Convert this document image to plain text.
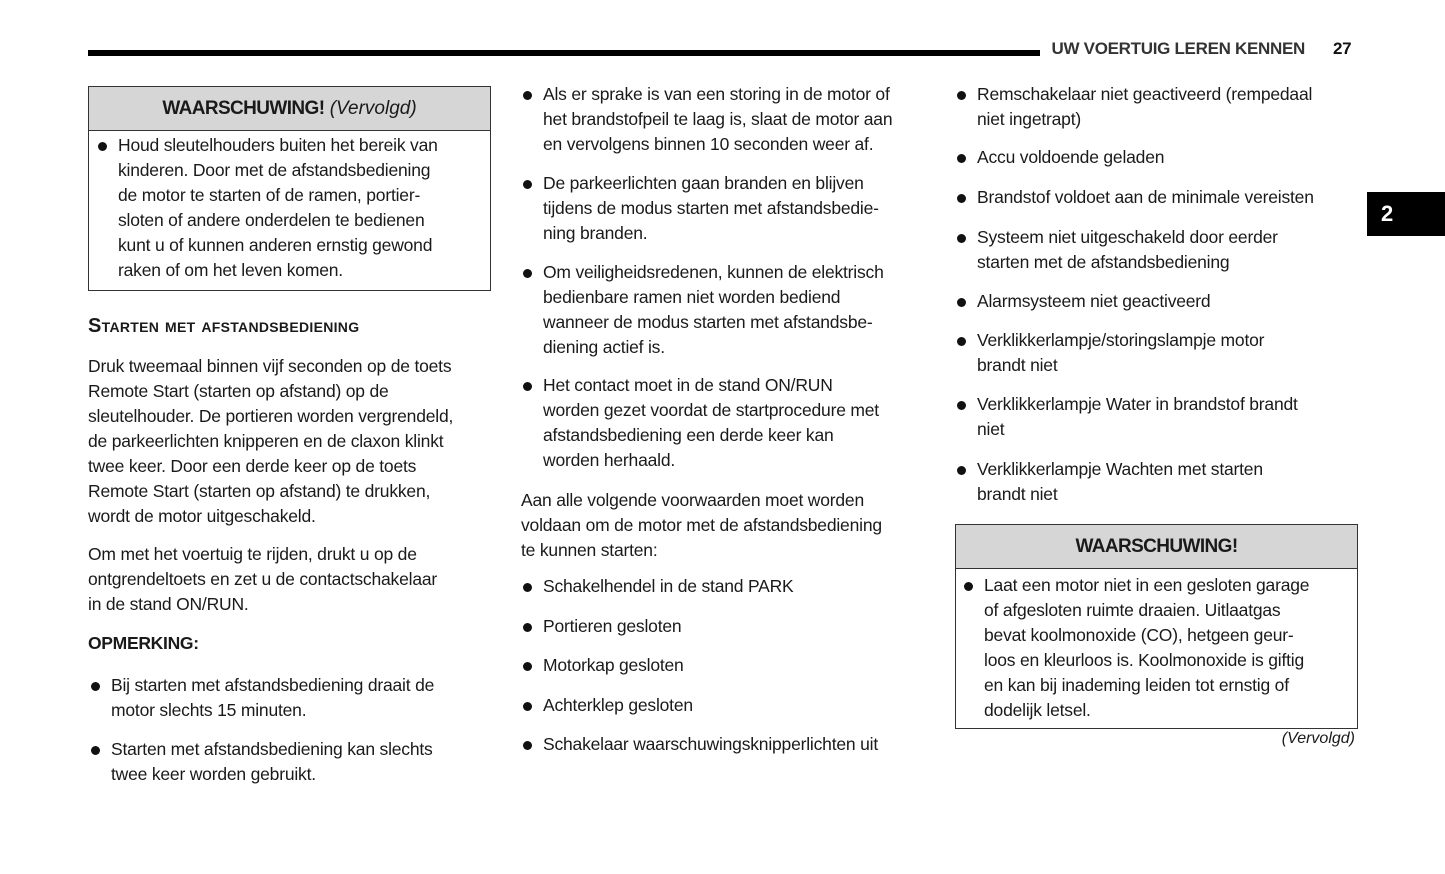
UW VOERTUIG LEREN KENNEN 27
2
WAARSCHUWING! (Vervolgd)
Houd sleutelhouders buiten het bereik van
kinderen. Door met de afstandsbediening
de motor te starten of de ramen, portier-
sloten of andere onderdelen te bedienen
kunt u of kunnen anderen ernstig gewond
raken of om het leven komen.
Starten met afstandsbediening
Druk tweemaal binnen vijf seconden op de toets
Remote Start (starten op afstand) op de
sleutelhouder. De portieren worden vergrendeld,
de parkeerlichten knipperen en de claxon klinkt
twee keer. Door een derde keer op de toets
Remote Start (starten op afstand) te drukken,
wordt de motor uitgeschakeld.
Om met het voertuig te rijden, drukt u op de
ontgrendeltoets en zet u de contactschakelaar
in de stand ON/RUN.
OPMERKING:
Bij starten met afstandsbediening draait de
motor slechts 15 minuten.
Starten met afstandsbediening kan slechts
twee keer worden gebruikt.
Als er sprake is van een storing in de motor of
het brandstofpeil te laag is, slaat de motor aan
en vervolgens binnen 10 seconden weer af.
De parkeerlichten gaan branden en blijven
tijdens de modus starten met afstandsbedie-
ning branden.
Om veiligheidsredenen, kunnen de elektrisch
bedienbare ramen niet worden bediend
wanneer de modus starten met afstandsbe-
diening actief is.
Het contact moet in de stand ON/RUN
worden gezet voordat de startprocedure met
afstandsbediening een derde keer kan
worden herhaald.
Aan alle volgende voorwaarden moet worden
voldaan om de motor met de afstandsbediening
te kunnen starten:
Schakelhendel in de stand PARK
Portieren gesloten
Motorkap gesloten
Achterklep gesloten
Schakelaar waarschuwingsknipperlichten uit
Remschakelaar niet geactiveerd (rempedaal
niet ingetrapt)
Accu voldoende geladen
Brandstof voldoet aan de minimale vereisten
Systeem niet uitgeschakeld door eerder
starten met de afstandsbediening
Alarmsysteem niet geactiveerd
Verklikkerlampje/storingslampje motor
brandt niet
Verklikkerlampje Water in brandstof brandt
niet
Verklikkerlampje Wachten met starten
brandt niet
WAARSCHUWING!
Laat een motor niet in een gesloten garage
of afgesloten ruimte draaien. Uitlaatgas
bevat koolmonoxide (CO), hetgeen geur-
loos en kleurloos is. Koolmonoxide is giftig
en kan bij inademing leiden tot ernstig of
dodelijk letsel.
(Vervolgd)
